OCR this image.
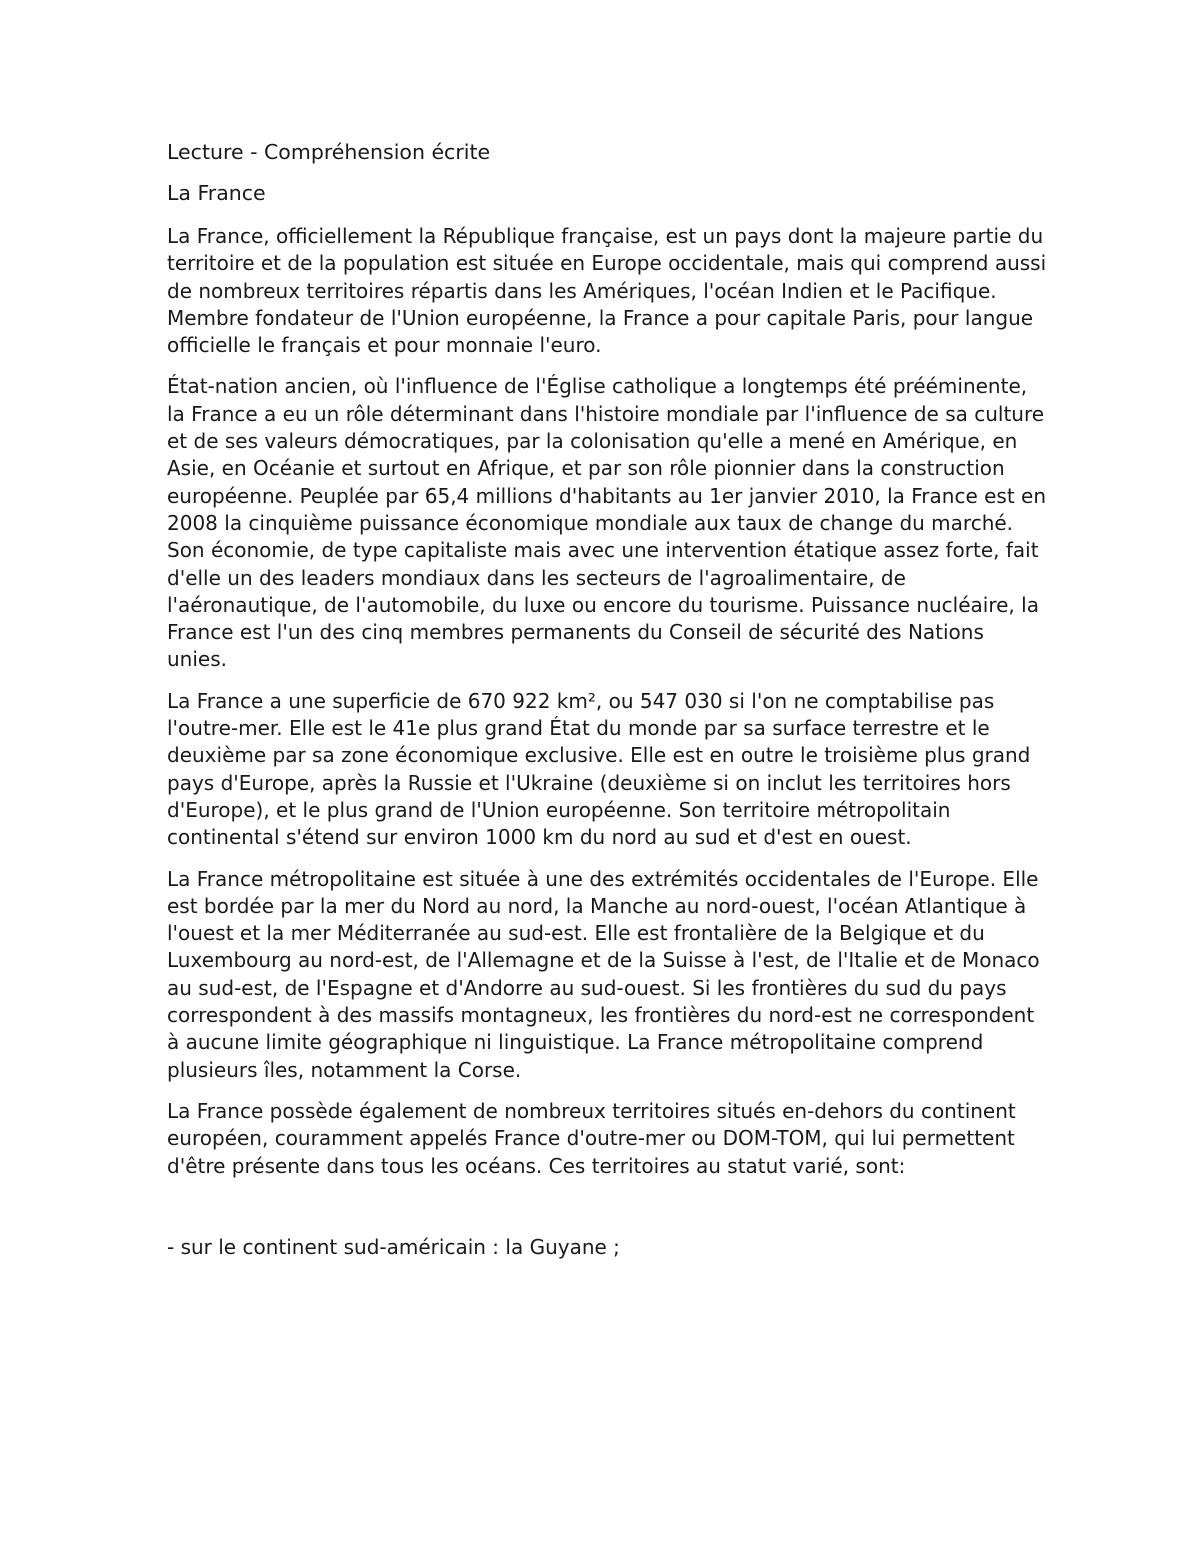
Lecture - Compréhension écrite
La France

La France, officiellement la République française, est un pays dont la majeure partie du territoire et de la population est située en Europe occidentale, mais qui comprend aussi de nombreux territoires répartis dans les Amériques, l'océan Indien et le Pacifique. Membre fondateur de l'Union européenne, la France a pour capitale Paris, pour langue officielle le français et pour monnaie l'euro.

État-nation ancien, où l'influence de l'Église catholique a longtemps été prééminente, la France a eu un rôle déterminant dans l'histoire mondiale par l'influence de sa culture et de ses valeurs démocratiques, par la colonisation qu'elle a mené en Amérique, en Asie, en Océanie et surtout en Afrique, et par son rôle pionnier dans la construction européenne. Peuplée par 65,4 millions d'habitants au 1er janvier 2010, la France est en 2008 la cinquième puissance économique mondiale aux taux de change du marché. Son économie, de type capitaliste mais avec une intervention étatique assez forte, fait d'elle un des leaders mondiaux dans les secteurs de l'agroalimentaire, de l'aéronautique, de l'automobile, du luxe ou encore du tourisme. Puissance nucléaire, la France est l'un des cinq membres permanents du Conseil de sécurité des Nations unies.

La France a une superficie de 670 922 km², ou 547 030 si l'on ne comptabilise pas l'outre-mer. Elle est le 41e plus grand État du monde par sa surface terrestre et le deuxième par sa zone économique exclusive. Elle est en outre le troisième plus grand pays d'Europe, après la Russie et l'Ukraine (deuxième si on inclut les territoires hors d'Europe), et le plus grand de l'Union européenne. Son territoire métropolitain continental s'étend sur environ 1000 km du nord au sud et d'est en ouest.

La France métropolitaine est située à une des extrémités occidentales de l'Europe. Elle est bordée par la mer du Nord au nord, la Manche au nord-ouest, l'océan Atlantique à l'ouest et la mer Méditerranée au sud-est. Elle est frontalière de la Belgique et du Luxembourg au nord-est, de l'Allemagne et de la Suisse à l'est, de l'Italie et de Monaco au sud-est, de l'Espagne et d'Andorre au sud-ouest. Si les frontières du sud du pays correspondent à des massifs montagneux, les frontières du nord-est ne correspondent à aucune limite géographique ni linguistique. La France métropolitaine comprend plusieurs îles, notamment la Corse.

La France possède également de nombreux territoires situés en-dehors du continent européen, couramment appelés France d'outre-mer ou DOM-TOM, qui lui permettent d'être présente dans tous les océans. Ces territoires au statut varié, sont:

- sur le continent sud-américain : la Guyane ;
